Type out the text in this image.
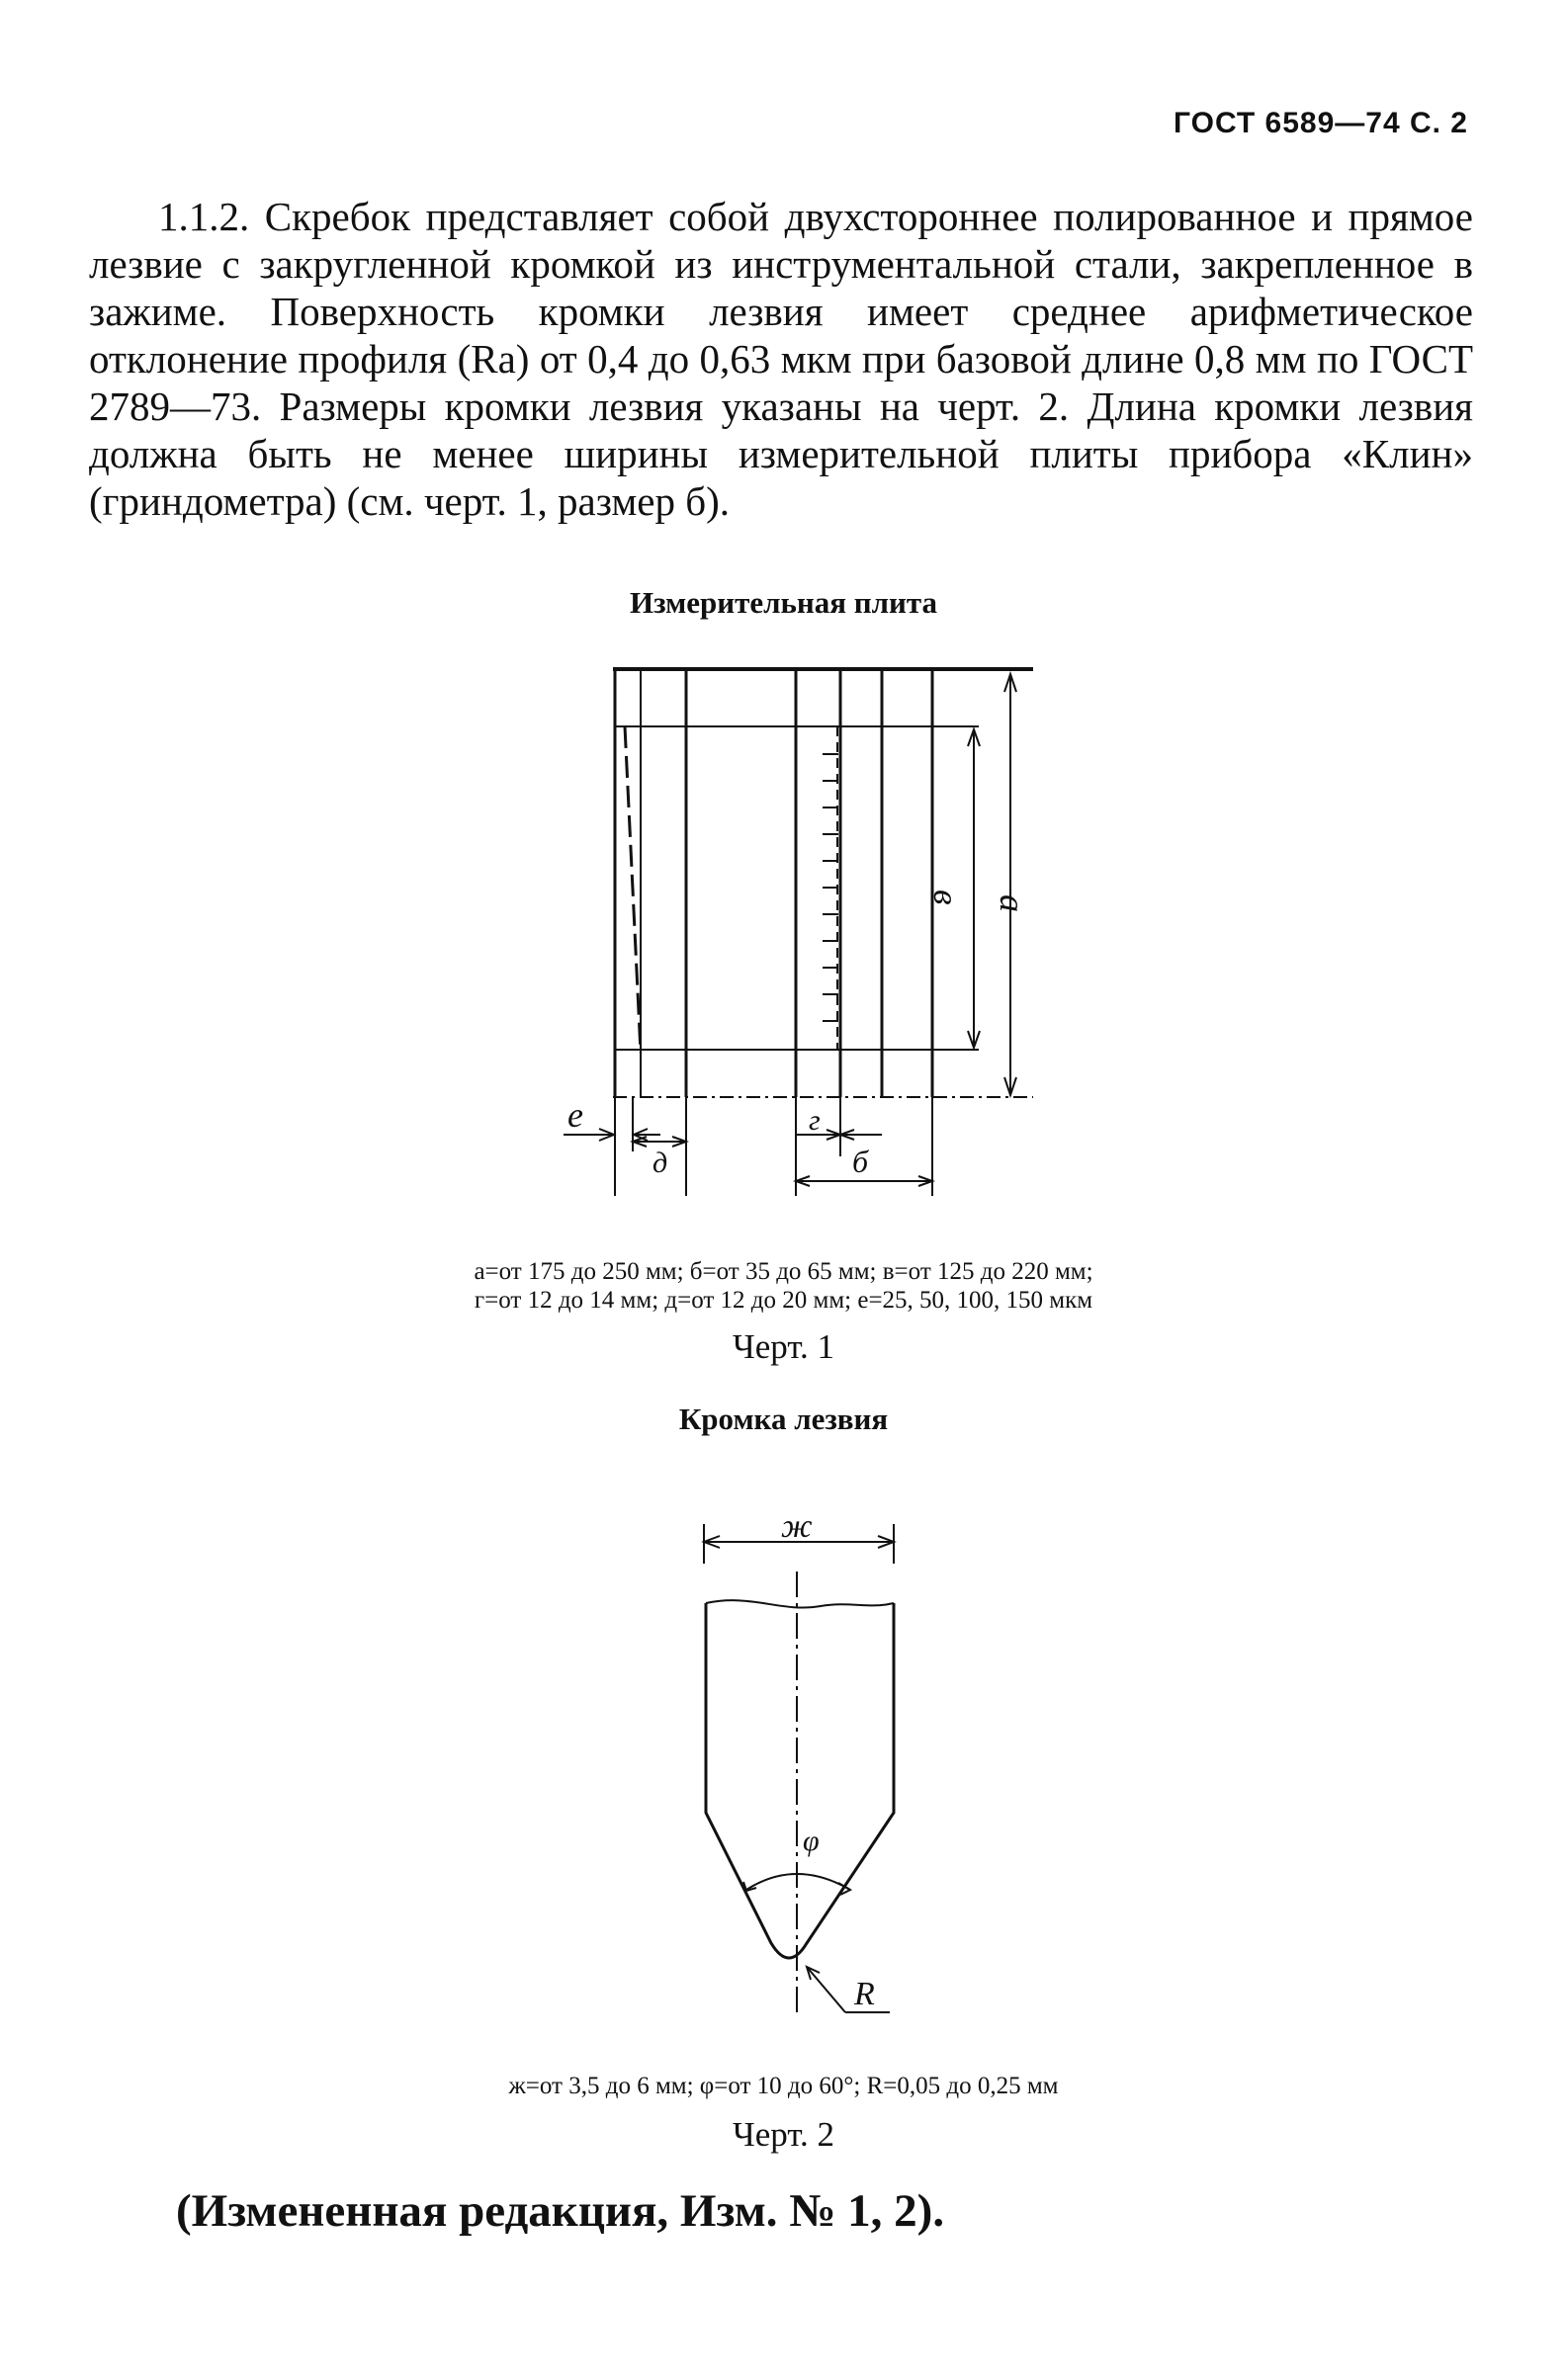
ГОСТ 6589—74 С. 2

1.1.2. Скребок представляет собой двухстороннее полированное и прямое лезвие с закругленной кромкой из инструментальной стали, закрепленное в зажиме. Поверхность кромки лезвия имеет среднее арифметическое отклонение профиля (Ra) от 0,4 до 0,63 мкм при базовой длине 0,8 мм по ГОСТ 2789—73. Размеры кромки лезвия указаны на черт. 2. Длина кромки лезвия должна быть не менее ширины измерительной плиты прибора «Клин» (гриндометра) (см. черт. 1, размер б).

Измерительная плита
а
в
е
д
г
б
ж
φ
R
а=от 175 до 250 мм; б=от 35 до 65 мм; в=от 125 до 220 мм;
г=от 12 до 14 мм; д=от 12 до 20 мм; е=25, 50, 100, 150 мкм
Черт. 1
Кромка лезвия
ж=от 3,5 до 6 мм; φ=от 10 до 60°; R=0,05 до 0,25 мм
Черт. 2
(Измененная редакция, Изм. № 1, 2).
